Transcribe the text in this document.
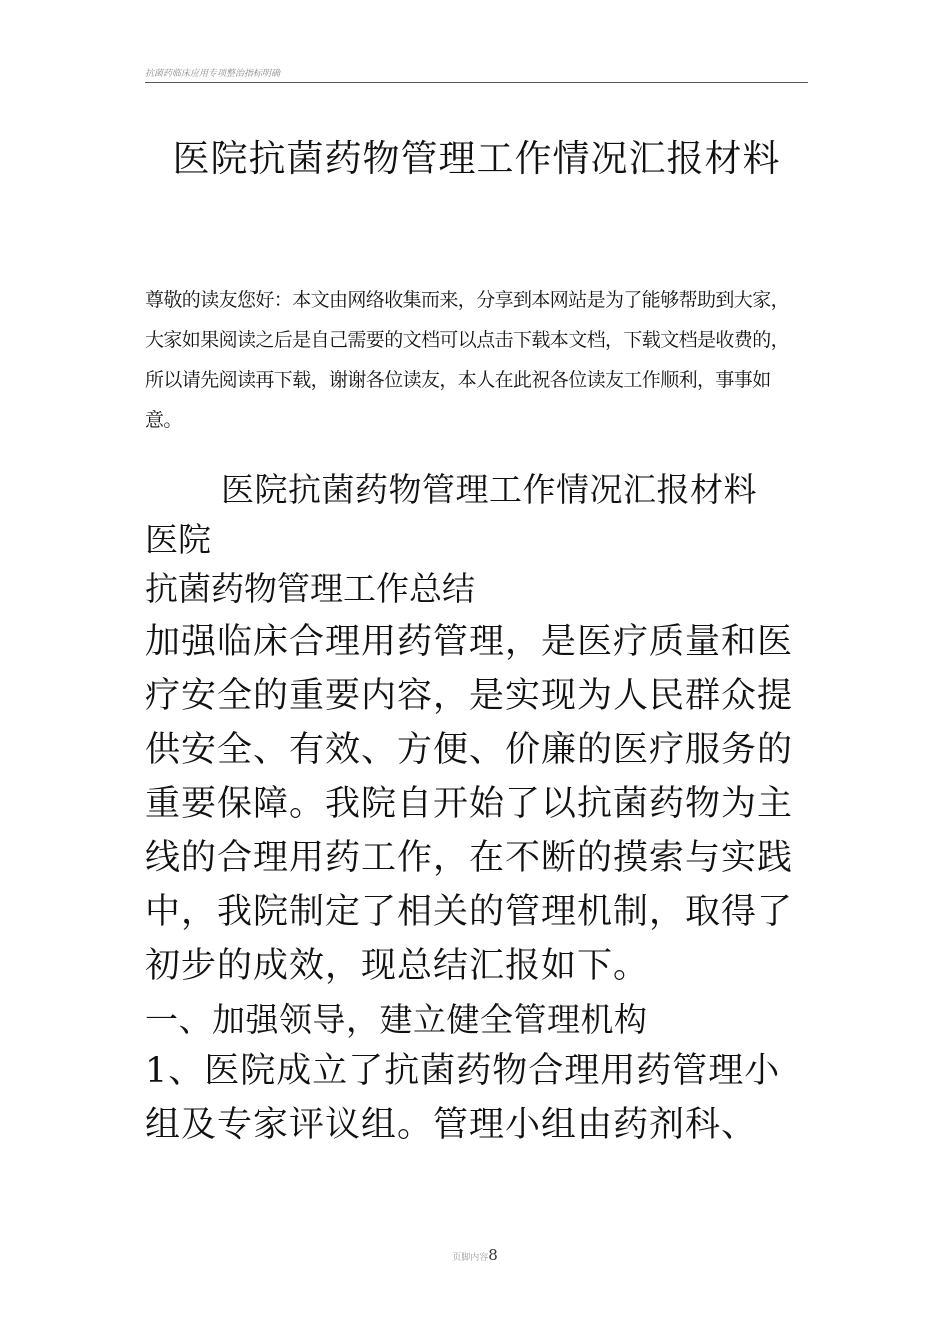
抗菌药临床应用专项整治指标明确
医院抗菌药物管理工作情况汇报材料

尊敬的读友您好：本文由网络收集而来，分享到本网站是为了能够帮助到大家，大家如果阅读之后是自己需要的文档可以点击下载本文档，下载文档是收费的，所以请先阅读再下载，谢谢各位读友，本人在此祝各位读友工作顺利，事事如意。

医院抗菌药物管理工作情况汇报材料

医院

抗菌药物管理工作总结

加强临床合理用药管理，是医疗质量和医疗安全的重要内容，是实现为人民群众提供安全、有效、方便、价廉的医疗服务的重要保障。我院自开始了以抗菌药物为主线的合理用药工作，在不断的摸索与实践中，我院制定了相关的管理机制，取得了初步的成效，现总结汇报如下。

一、加强领导，建立健全管理机构

1、医院成立了抗菌药物合理用药管理小组及专家评议组。管理小组由药剂科、

页脚内容8
